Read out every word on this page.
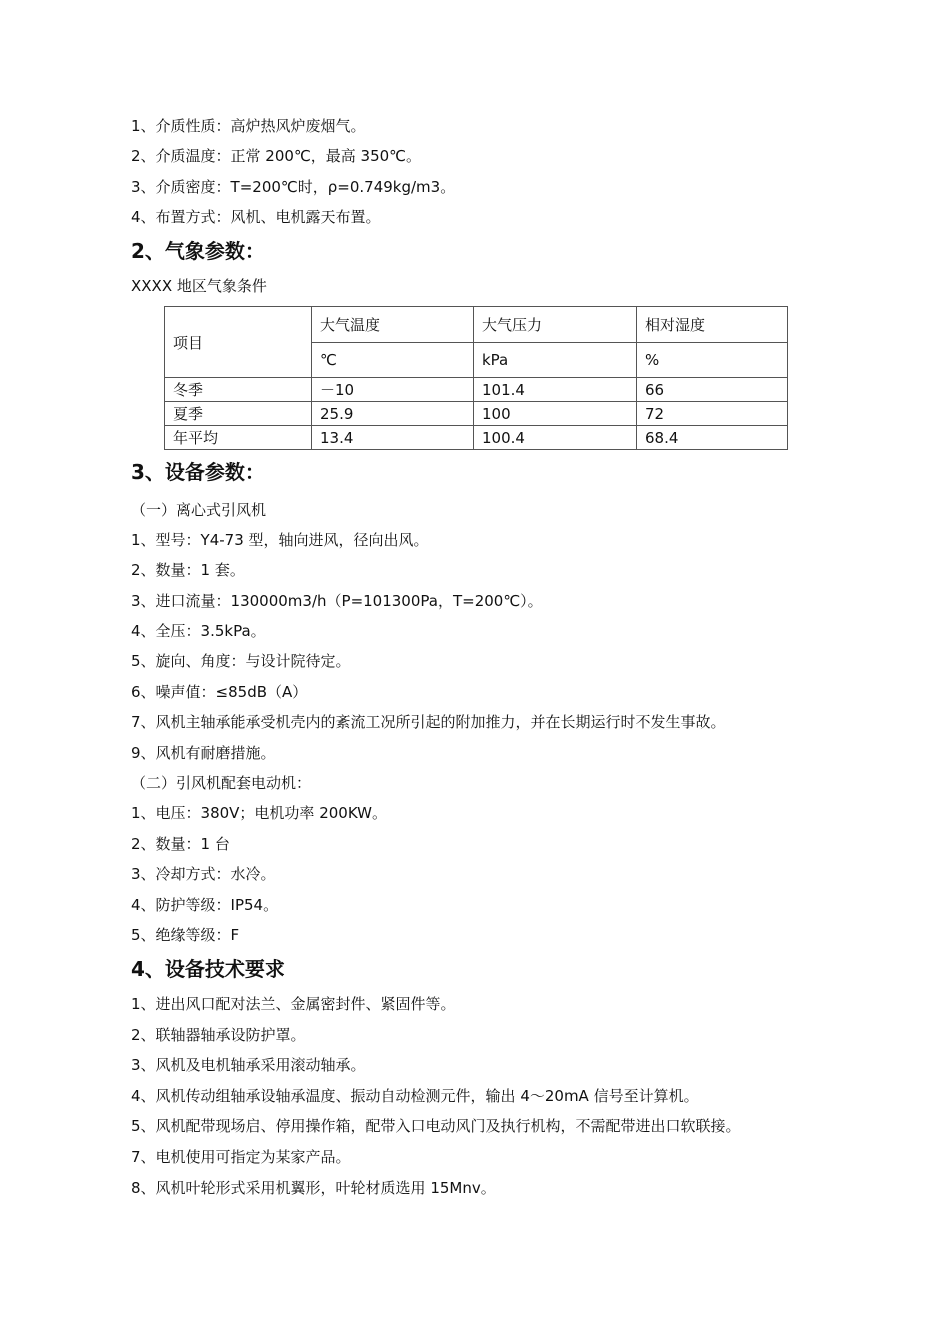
1、介质性质：高炉热风炉废烟气。
2、介质温度：正常 200℃，最高 350℃。
3、介质密度：T=200℃时，ρ=0.749kg/m3。
4、布置方式：风机、电机露天布置。
2、气象参数：
XXXX 地区气象条件
项目	大气温度	大气压力	相对湿度
	℃	kPa	%
冬季	－10	101.4	66
夏季	25.9	100	72
年平均	13.4	100.4	68.4
3、设备参数：
（一）离心式引风机
1、型号：Y4-73 型，轴向进风，径向出风。
2、数量：1 套。
3、进口流量：130000m3/h（P=101300Pa，T=200℃）。
4、全压：3.5kPa。
5、旋向、角度：与设计院待定。
6、噪声值：≤85dB（A）
7、风机主轴承能承受机壳内的紊流工况所引起的附加推力，并在长期运行时不发生事故。
9、风机有耐磨措施。
（二）引风机配套电动机：
1、电压：380V；电机功率 200KW。
2、数量：1 台
3、冷却方式：水冷。
4、防护等级：IP54。
5、绝缘等级：F
4、设备技术要求
1、进出风口配对法兰、金属密封件、紧固件等。
2、联轴器轴承设防护罩。
3、风机及电机轴承采用滚动轴承。
4、风机传动组轴承设轴承温度、振动自动检测元件，输出 4～20mA 信号至计算机。
5、风机配带现场启、停用操作箱，配带入口电动风门及执行机构，不需配带进出口软联接。
7、电机使用可指定为某家产品。
8、风机叶轮形式采用机翼形，叶轮材质选用 15Mnv。
